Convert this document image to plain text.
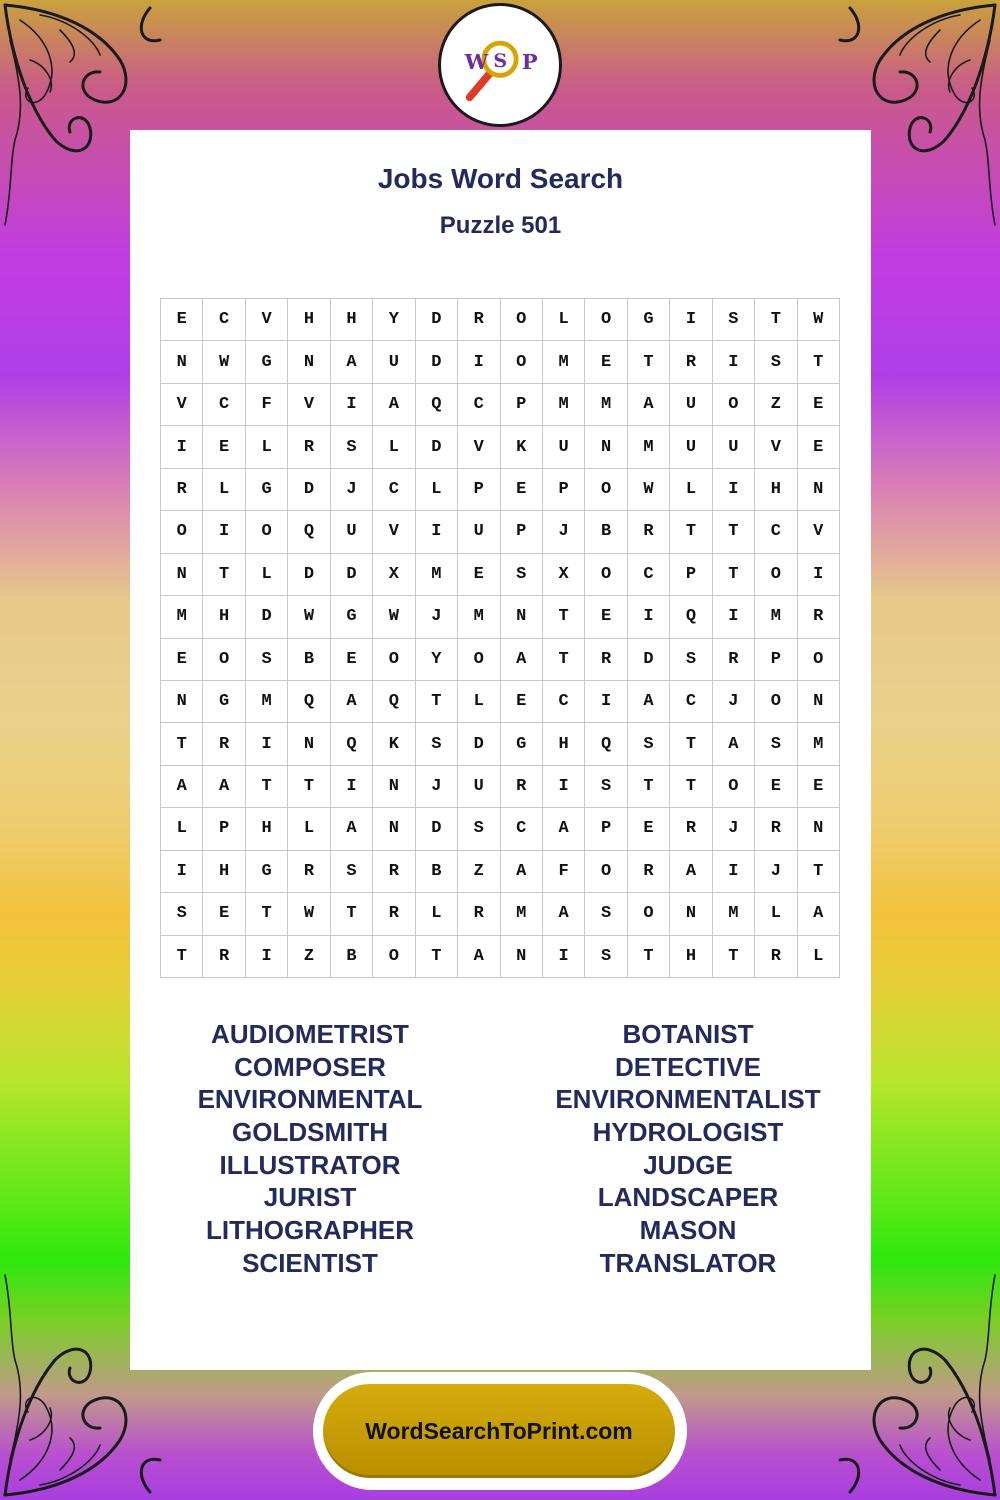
W S P
Jobs Word Search
Puzzle 501
E	C	V	H	H	Y	D	R	O	L	O	G	I	S	T	W
N	W	G	N	A	U	D	I	O	M	E	T	R	I	S	T
V	C	F	V	I	A	Q	C	P	M	M	A	U	O	Z	E
I	E	L	R	S	L	D	V	K	U	N	M	U	U	V	E
R	L	G	D	J	C	L	P	E	P	O	W	L	I	H	N
O	I	O	Q	U	V	I	U	P	J	B	R	T	T	C	V
N	T	L	D	D	X	M	E	S	X	O	C	P	T	O	I
M	H	D	W	G	W	J	M	N	T	E	I	Q	I	M	R
E	O	S	B	E	O	Y	O	A	T	R	D	S	R	P	O
N	G	M	Q	A	Q	T	L	E	C	I	A	C	J	O	N
T	R	I	N	Q	K	S	D	G	H	Q	S	T	A	S	M
A	A	T	T	I	N	J	U	R	I	S	T	T	O	E	E
L	P	H	L	A	N	D	S	C	A	P	E	R	J	R	N
I	H	G	R	S	R	B	Z	A	F	O	R	A	I	J	T
S	E	T	W	T	R	L	R	M	A	S	O	N	M	L	A
T	R	I	Z	B	O	T	A	N	I	S	T	H	T	R	L
AUDIOMETRIST
COMPOSER
ENVIRONMENTAL
GOLDSMITH
ILLUSTRATOR
JURIST
LITHOGRAPHER
SCIENTIST
BOTANIST
DETECTIVE
ENVIRONMENTALIST
HYDROLOGIST
JUDGE
LANDSCAPER
MASON
TRANSLATOR
WordSearchToPrint.com
